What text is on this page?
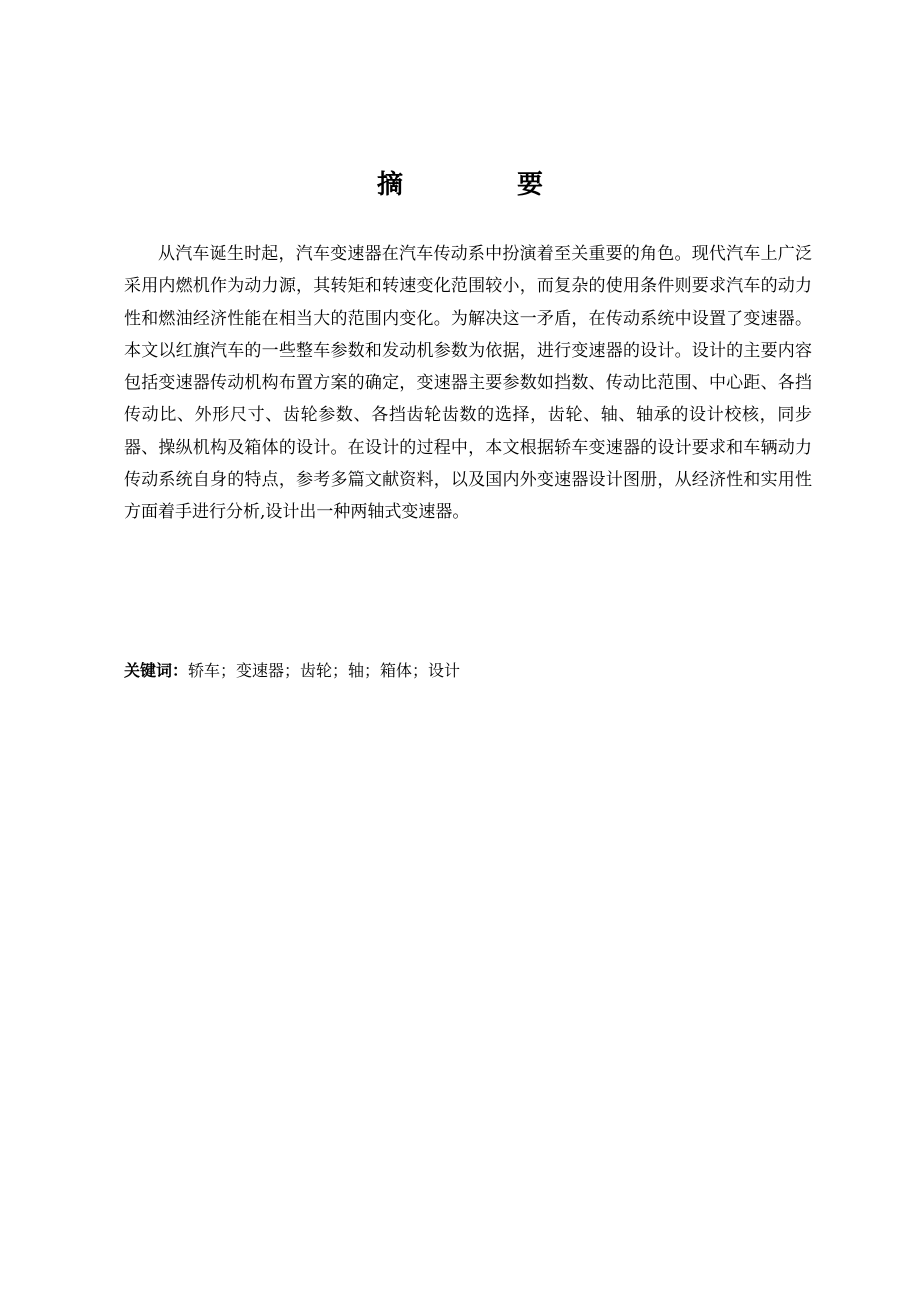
摘　要

从汽车诞生时起，汽车变速器在汽车传动系中扮演着至关重要的角色。现代汽车上广泛采用内燃机作为动力源，其转矩和转速变化范围较小，而复杂的使用条件则要求汽车的动力性和燃油经济性能在相当大的范围内变化。为解决这一矛盾，在传动系统中设置了变速器。本文以红旗汽车的一些整车参数和发动机参数为依据，进行变速器的设计。设计的主要内容包括变速器传动机构布置方案的确定，变速器主要参数如挡数、传动比范围、中心距、各挡传动比、外形尺寸、齿轮参数、各挡齿轮齿数的选择，齿轮、轴、轴承的设计校核，同步器、操纵机构及箱体的设计。在设计的过程中，本文根据轿车变速器的设计要求和车辆动力传动系统自身的特点，参考多篇文献资料，以及国内外变速器设计图册，从经济性和实用性方面着手进行分析,设计出一种两轴式变速器。

关键词：轿车；变速器；齿轮；轴；箱体；设计
